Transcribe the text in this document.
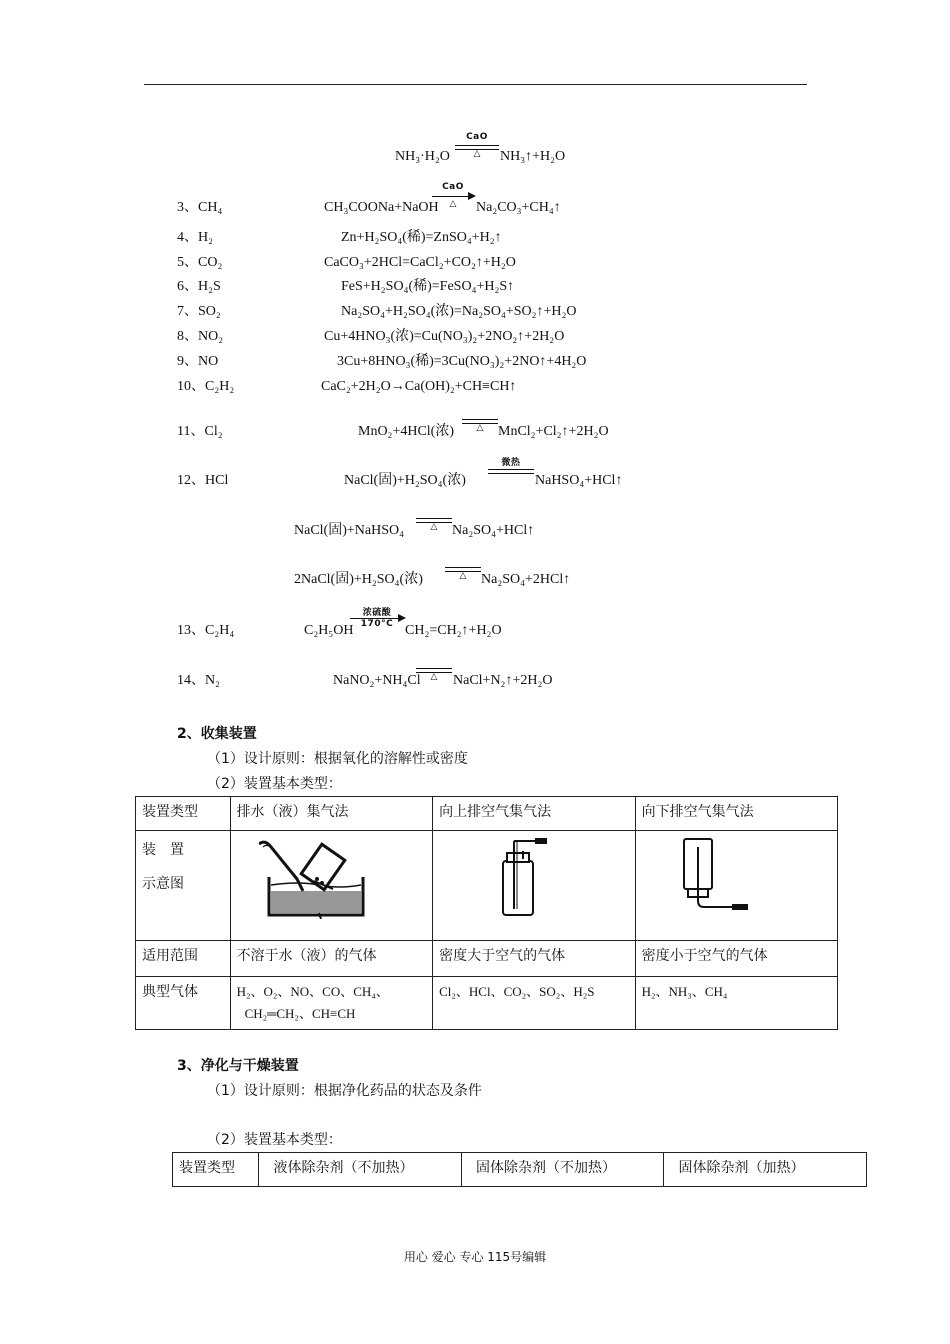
NH₃·H₂O
CaO
△	NH₃↑+H₂O
3、CH₄	CH₃COONa+NaOH
CaO
△	Na₂CO₃+CH₄↑
4、H₂	Zn+H₂SO₄(稀)=ZnSO₄+H₂↑
5、CO₂	CaCO₃+2HCl=CaCl₂+CO₂↑+H₂O
6、H₂S	FeS+H₂SO₄(稀)=FeSO₄+H₂S↑
7、SO₂	Na₂SO₄+H₂SO₄(浓)=Na₂SO₄+SO₂↑+H₂O
8、NO₂	Cu+4HNO₃(浓)=Cu(NO₃)₂+2NO₂↑+2H₂O
9、NO	3Cu+8HNO₃(稀)=3Cu(NO₃)₂+2NO↑+4H₂O
10、C₂H₂	CaC₂+2H₂O→Ca(OH)₂+CH≡CH↑
11、Cl₂	MnO₂+4HCl(浓)	△	MnCl₂+Cl₂↑+2H₂O
12、HCl	NaCl(固)+H₂SO₄(浓)
微热
NaHSO₄+HCl↑
NaCl(固)+NaHSO₄	△	Na₂SO₄+HCl↑
2NaCl(固)+H₂SO₄(浓)	△	Na₂SO₄+2HCl↑
13、C₂H₄	C₂H₅OH
浓硫酸
170°C CH₂=CH₂↑+H₂O
14、N₂	NaNO₂+NH₄Cl	△	NaCl+N₂↑+2H₂O
2、收集装置
（1）设计原则：根据氧化的溶解性或密度
（2）装置基本类型：
装置类型	排水（液）集气法	向上排空气集气法	向下排空气集气法

装　置
示意图

适用范围	不溶于水（液）的气体	密度大于空气的气体	密度小于空气的气体
典型气体	H₂、O₂、NO、CO、CH₄、
CH₂═CH₂、CH≡CH	Cl₂、HCl、CO₂、SO₂、H₂S	H₂、NH₃、CH₄
3、净化与干燥装置
（1）设计原则：根据净化药品的状态及条件
（2）装置基本类型：
装置类型	液体除杂剂（不加热）	固体除杂剂（不加热）	固体除杂剂（加热）
用心 爱心 专心 115号编辑
